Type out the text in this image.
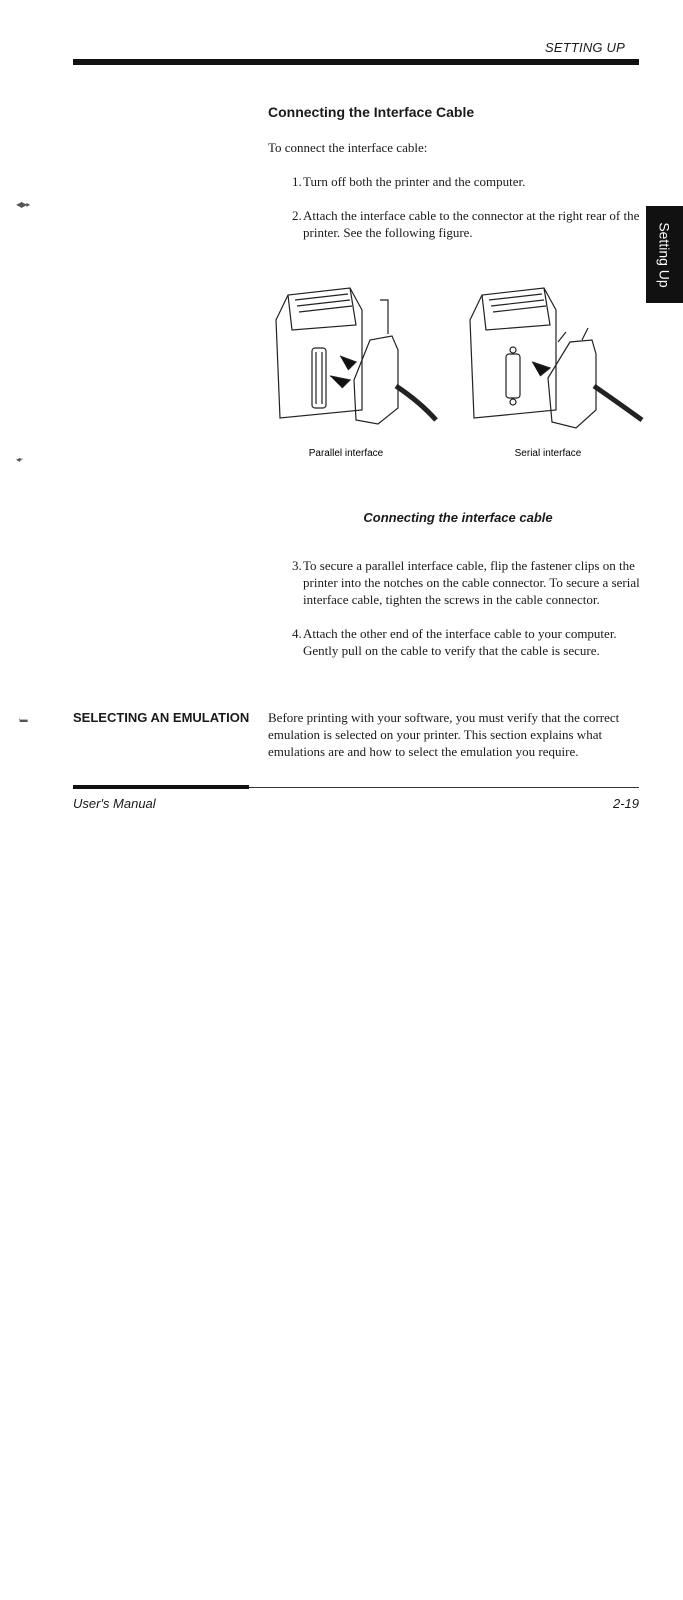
SETTING UP
Setting Up
◀▶▸
◂▪·
·▬
Connecting the Interface Cable
To connect the interface cable:
1. Turn off both the printer and the computer.
2. Attach the interface cable to the connector at the right rear of the printer. See the following figure.
Parallel interface	Serial interface
Connecting the interface cable
3. To secure a parallel interface cable, flip the fastener clips on the printer into the notches on the cable connector. To secure a serial interface cable, tighten the screws in the cable connector.
4. Attach the other end of the interface cable to your computer. Gently pull on the cable to verify that the cable is secure.
SELECTING AN EMULATION Before printing with your software, you must verify that the correct emulation is selected on your printer. This section explains what emulations are and how to select the emulation you require.
User's Manual	2-19
